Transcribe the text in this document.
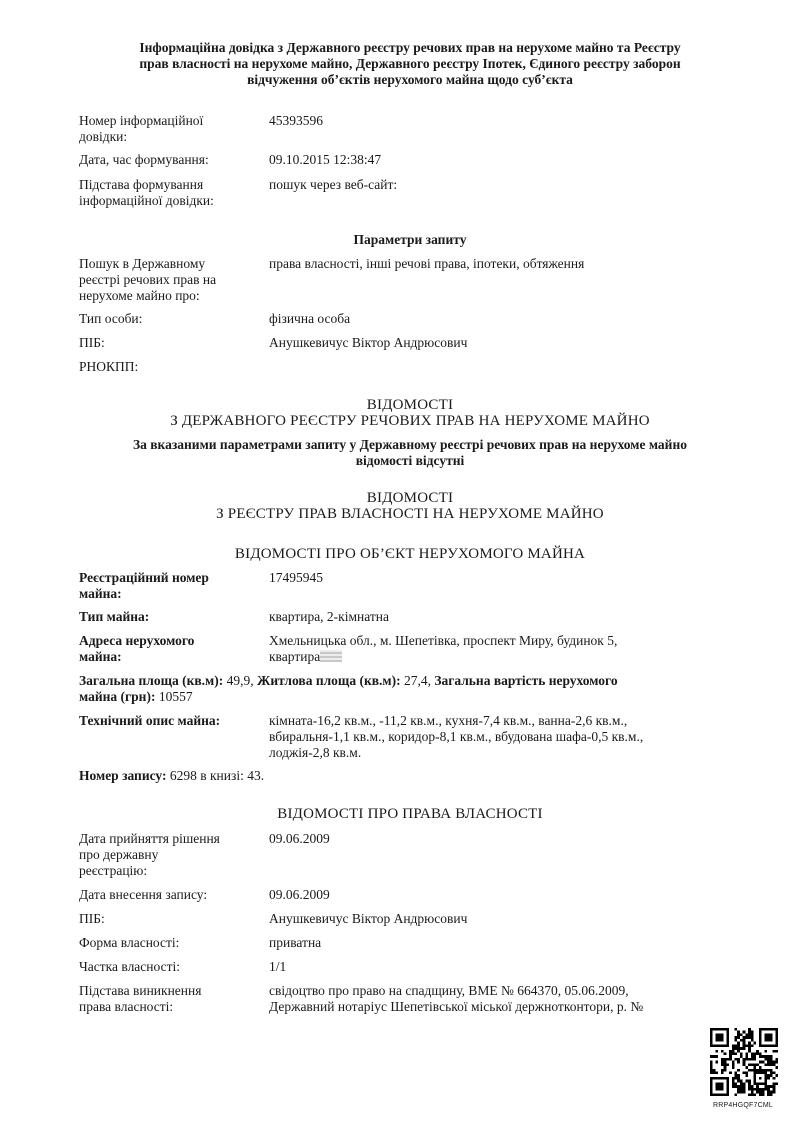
Інформаційна довідка з Державного реєстру речових прав на нерухоме майно та Реєстру
прав власності на нерухоме майно, Державного реєстру Іпотек, Єдиного реєстру заборон
відчуження об’єктів нерухомого майна щодо суб’єкта
Номер інформаційної
довідки:
45393596
Дата, час формування:	09.10.2015 12:38:47
Підстава формування
інформаційної довідки:
пошук через веб-сайт:
Параметри запиту
Пошук в Державному
реєстрі речових прав на
нерухоме майно про:
права власності, інші речові права, іпотеки, обтяження
Тип особи:	фізична особа
ПІБ:	Анушкевичус Віктор Андрюсович
РНОКПП:
ВІДОМОСТІ
З ДЕРЖАВНОГО РЕЄСТРУ РЕЧОВИХ ПРАВ НА НЕРУХОМЕ МАЙНО
За вказаними параметрами запиту у Державному реєстрі речових прав на нерухоме майно
відомості відсутні
ВІДОМОСТІ
З РЕЄСТРУ ПРАВ ВЛАСНОСТІ НА НЕРУХОМЕ МАЙНО
ВІДОМОСТІ ПРО ОБ’ЄКТ НЕРУХОМОГО МАЙНА
Реєстраційний номер
майна:
17495945
Тип майна:	квартира, 2-кімнатна
Адреса нерухомого
майна:
Хмельницька обл., м. Шепетівка, проспект Миру, будинок 5,
квартира
Загальна площа (кв.м): 49,9, Житлова площа (кв.м): 27,4, Загальна вартість нерухомого
майна (грн): 10557
Технічний опис майна:	кімната-16,2 кв.м., -11,2 кв.м., кухня-7,4 кв.м., ванна-2,6 кв.м.,
вбиральня-1,1 кв.м., коридор-8,1 кв.м., вбудована шафа-0,5 кв.м.,
лоджія-2,8 кв.м.
Номер запису: 6298 в книзі: 43.
ВІДОМОСТІ ПРО ПРАВА ВЛАСНОСТІ
Дата прийняття рішення
про державну
реєстрацію:
09.06.2009
Дата внесення запису:	09.06.2009
ПІБ:	Анушкевичус Віктор Андрюсович
Форма власності:	приватна
Частка власності:	1/1
Підстава виникнення
права власності:
свідоцтво про право на спадщину, ВМЕ № 664370, 05.06.2009,
Державний нотаріус Шепетівської міської держнотконтори, р. №
RRP4HGQF7CML
